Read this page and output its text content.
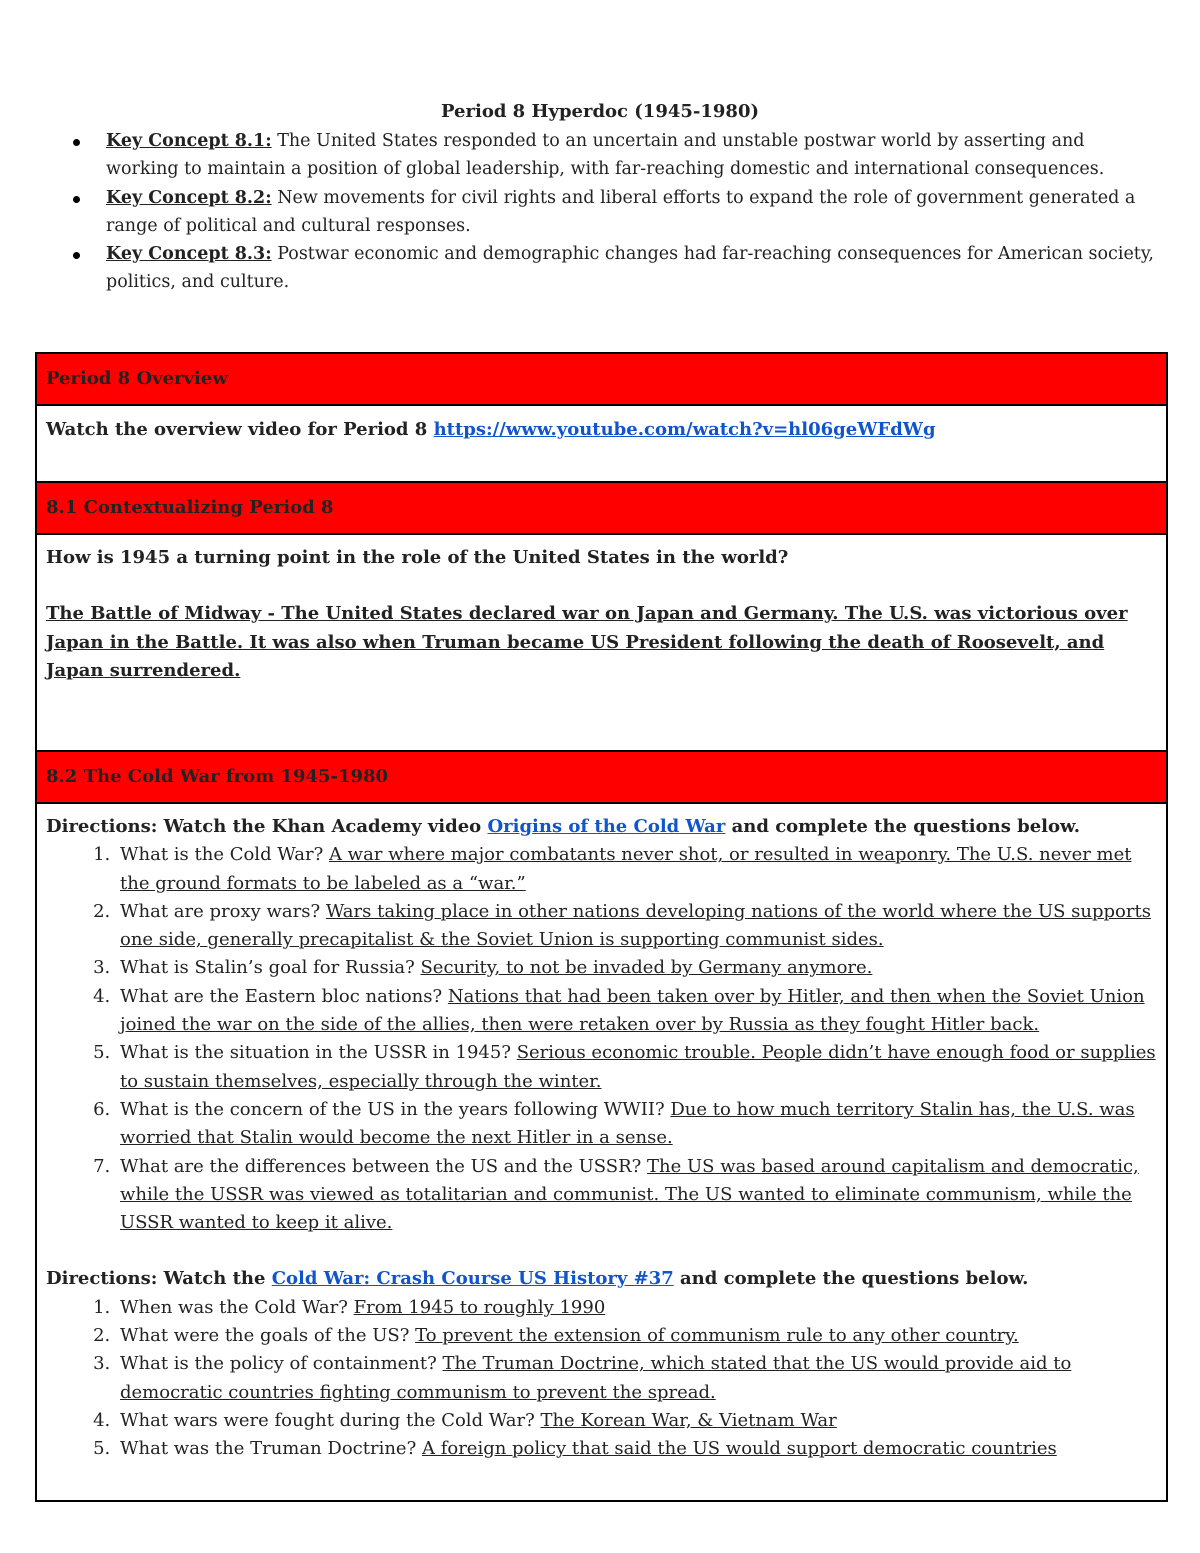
Period 8 Hyperdoc (1945-1980)
Key Concept 8.1: The United States responded to an uncertain and unstable postwar world by asserting and working to maintain a position of global leadership, with far-reaching domestic and international consequences.
Key Concept 8.2: New movements for civil rights and liberal efforts to expand the role of government generated a range of political and cultural responses.
Key Concept 8.3: Postwar economic and demographic changes had far-reaching consequences for American society, politics, and culture.
Period 8 Overview
Watch the overview video for Period 8 https://www.youtube.com/watch?v=hl06geWFdWg
8.1 Contextualizing Period 8

How is 1945 a turning point in the role of the United States in the world?
The Battle of Midway - The United States declared war on Japan and Germany. The U.S. was victorious over Japan in the Battle. It was also when Truman became US President following the death of Roosevelt, and Japan surrendered.

8.2 The Cold War from 1945-1980

Directions: Watch the Khan Academy video Origins of the Cold War and complete the questions below.
1. What is the Cold War? A war where major combatants never shot, or resulted in weaponry. The U.S. never met the ground formats to be labeled as a “war.”
2. What are proxy wars? Wars taking place in other nations developing nations of the world where the US supports one side, generally precapitalist & the Soviet Union is supporting communist sides.
3. What is Stalin’s goal for Russia? Security, to not be invaded by Germany anymore.
4. What are the Eastern bloc nations? Nations that had been taken over by Hitler, and then when the Soviet Union joined the war on the side of the allies, then were retaken over by Russia as they fought Hitler back.
5. What is the situation in the USSR in 1945? Serious economic trouble. People didn’t have enough food or supplies to sustain themselves, especially through the winter.
6. What is the concern of the US in the years following WWII? Due to how much territory Stalin has, the U.S. was worried that Stalin would become the next Hitler in a sense.
7. What are the differences between the US and the USSR? The US was based around capitalism and democratic, while the USSR was viewed as totalitarian and communist. The US wanted to eliminate communism, while the USSR wanted to keep it alive.
Directions: Watch the Cold War: Crash Course US History #37 and complete the questions below.
1. When was the Cold War? From 1945 to roughly 1990
2. What were the goals of the US? To prevent the extension of communism rule to any other country.
3. What is the policy of containment? The Truman Doctrine, which stated that the US would provide aid to democratic countries fighting communism to prevent the spread.
4. What wars were fought during the Cold War? The Korean War, & Vietnam War
5. What was the Truman Doctrine? A foreign policy that said the US would support democratic countries
